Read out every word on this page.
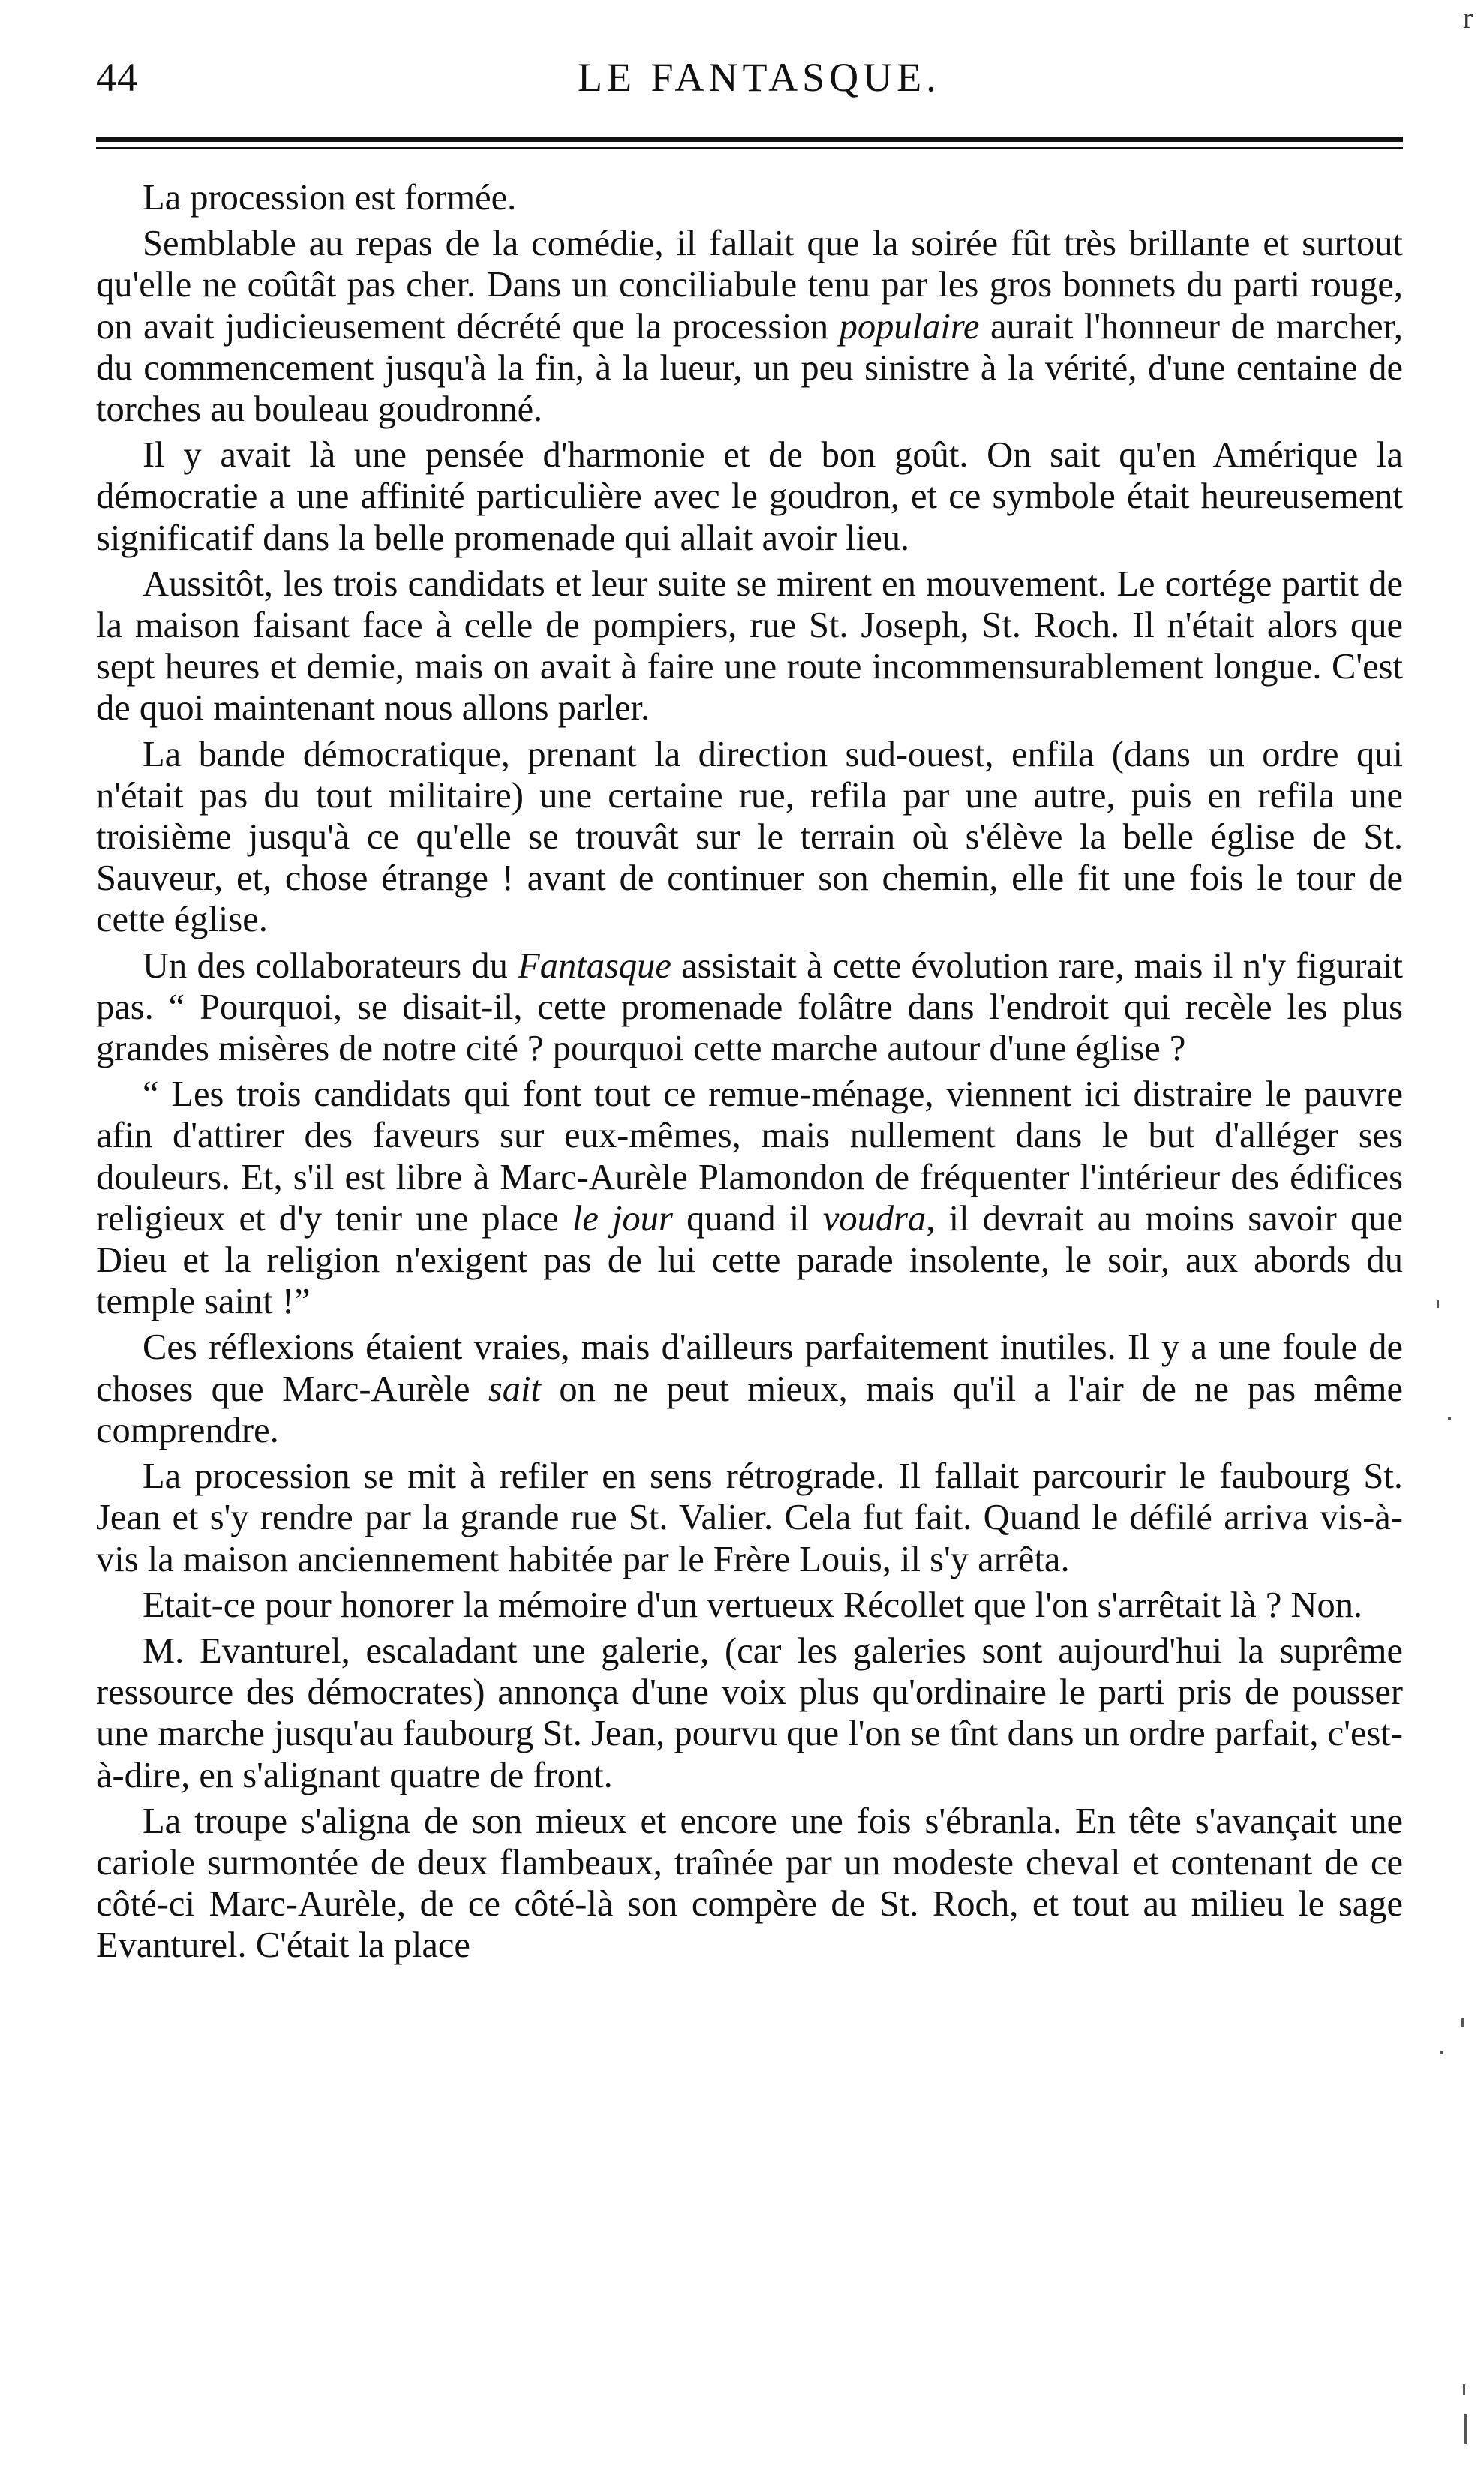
r
44	LE FANTASQUE.

La procession est formée.

Semblable au repas de la comédie, il fallait que la soirée fût très brillante et surtout qu'elle ne coûtât pas cher. Dans un conciliabule tenu par les gros bonnets du parti rouge, on avait judicieusement décrété que la procession populaire aurait l'honneur de marcher, du commencement jusqu'à la fin, à la lueur, un peu sinistre à la vérité, d'une centaine de torches au bouleau goudronné.

Il y avait là une pensée d'harmonie et de bon goût. On sait qu'en Amérique la démocratie a une affinité particulière avec le goudron, et ce symbole était heureusement significatif dans la belle promenade qui allait avoir lieu.

Aussitôt, les trois candidats et leur suite se mirent en mouvement. Le cortége partit de la maison faisant face à celle de pompiers, rue St. Joseph, St. Roch. Il n'était alors que sept heures et demie, mais on avait à faire une route incommensurablement longue. C'est de quoi maintenant nous allons parler.

La bande démocratique, prenant la direction sud-ouest, enfila (dans un ordre qui n'était pas du tout militaire) une certaine rue, refila par une autre, puis en refila une troisième jusqu'à ce qu'elle se trouvât sur le terrain où s'élève la belle église de St. Sauveur, et, chose étrange ! avant de continuer son chemin, elle fit une fois le tour de cette église.

Un des collaborateurs du Fantasque assistait à cette évolution rare, mais il n'y figurait pas. “ Pourquoi, se disait-il, cette promenade folâtre dans l'endroit qui recèle les plus grandes misères de notre cité ? pourquoi cette marche autour d'une église ?

“ Les trois candidats qui font tout ce remue-ménage, viennent ici distraire le pauvre afin d'attirer des faveurs sur eux-mêmes, mais nullement dans le but d'alléger ses douleurs. Et, s'il est libre à Marc-Aurèle Plamondon de fréquenter l'intérieur des édifices religieux et d'y tenir une place le jour quand il voudra, il devrait au moins savoir que Dieu et la religion n'exigent pas de lui cette parade insolente, le soir, aux abords du temple saint !”

Ces réflexions étaient vraies, mais d'ailleurs parfaitement inutiles. Il y a une foule de choses que Marc-Aurèle sait on ne peut mieux, mais qu'il a l'air de ne pas même comprendre.

La procession se mit à refiler en sens rétrograde. Il fallait parcourir le faubourg St. Jean et s'y rendre par la grande rue St. Valier. Cela fut fait. Quand le défilé arriva vis-à-vis la maison anciennement habitée par le Frère Louis, il s'y arrêta.

Etait-ce pour honorer la mémoire d'un vertueux Récollet que l'on s'arrêtait là ? Non.

M. Evanturel, escaladant une galerie, (car les galeries sont aujourd'hui la suprême ressource des démocrates) annonça d'une voix plus qu'ordinaire le parti pris de pousser une marche jusqu'au faubourg St. Jean, pourvu que l'on se tînt dans un ordre parfait, c'est-à-dire, en s'alignant quatre de front.

La troupe s'aligna de son mieux et encore une fois s'ébranla. En tête s'avançait une cariole surmontée de deux flambeaux, traînée par un modeste cheval et contenant de ce côté-ci Marc-Aurèle, de ce côté-là son compère de St. Roch, et tout au milieu le sage Evanturel. C'était la place
